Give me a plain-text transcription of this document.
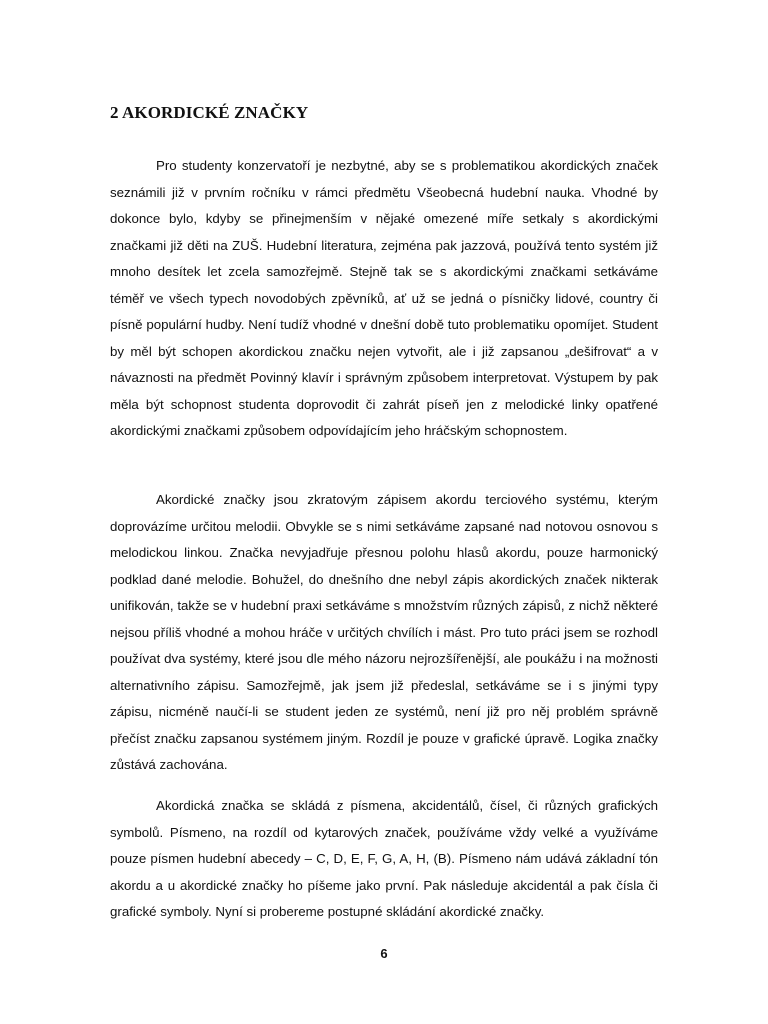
2 AKORDICKÉ ZNAČKY

Pro studenty konzervatoří je nezbytné, aby se s problematikou akordických značek seznámili již v prvním ročníku v rámci předmětu Všeobecná hudební nauka. Vhodné by dokonce bylo, kdyby se přinejmenším v nějaké omezené míře setkaly s akordickými značkami již děti na ZUŠ. Hudební literatura, zejména pak jazzová, používá tento systém již mnoho desítek let zcela samozřejmě. Stejně tak se s akordickými značkami setkáváme téměř ve všech typech novodobých zpěvníků, ať už se jedná o písničky lidové, country či písně populární hudby. Není tudíž vhodné v dnešní době tuto problematiku opomíjet. Student by měl být schopen akordickou značku nejen vytvořit, ale i již zapsanou „dešifrovat“ a v návaznosti na předmět Povinný klavír i správným způsobem interpretovat. Výstupem by pak měla být schopnost studenta doprovodit či zahrát píseň jen z melodické linky opatřené akordickými značkami způsobem odpovídajícím jeho hráčským schopnostem.

Akordické značky jsou zkratovým zápisem akordu terciového systému, kterým doprovázíme určitou melodii. Obvykle se s nimi setkáváme zapsané nad notovou osnovou s melodickou linkou. Značka nevyjadřuje přesnou polohu hlasů akordu, pouze harmonický podklad dané melodie. Bohužel, do dnešního dne nebyl zápis akordických značek nikterak unifikován, takže se v hudební praxi setkáváme s množstvím různých zápisů, z nichž některé nejsou příliš vhodné a mohou hráče v určitých chvílích i mást. Pro tuto práci jsem se rozhodl používat dva systémy, které jsou dle mého názoru nejrozšířenější, ale poukážu i na možnosti alternativního zápisu. Samozřejmě, jak jsem již předeslal, setkáváme se i s jinými typy zápisu, nicméně naučí-li se student jeden ze systémů, není již pro něj problém správně přečíst značku zapsanou systémem jiným. Rozdíl je pouze v grafické úpravě. Logika značky zůstává zachována.

Akordická značka se skládá z písmena, akcidentálů, čísel, či různých grafických symbolů. Písmeno, na rozdíl od kytarových značek, používáme vždy velké a využíváme pouze písmen hudební abecedy – C, D, E, F, G, A, H, (B). Písmeno nám udává základní tón akordu a u akordické značky ho píšeme jako první. Pak následuje akcidentál a pak čísla či grafické symboly. Nyní si probereme postupné skládání akordické značky.

6
